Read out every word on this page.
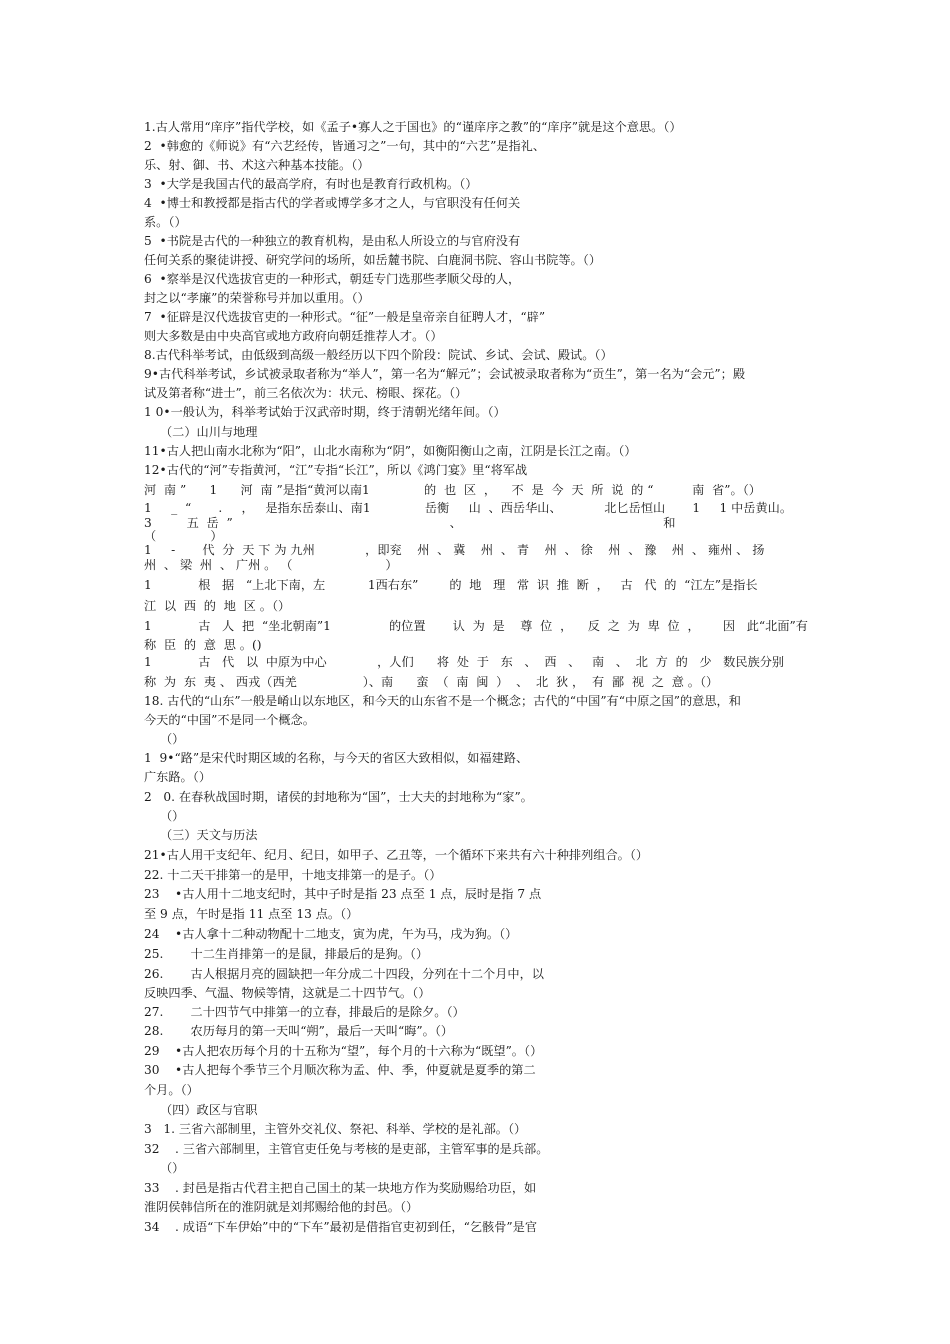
1.古人常用“庠序”指代学校，如《孟子•寡人之于国也》的“谨庠序之教”的“庠序”就是这个意思。（）
2  •韩愈的《师说》有“六艺经传，皆通习之”一句，其中的“六艺”是指礼、
乐、射、御、书、术这六种基本技能。（）
3  •大学是我国古代的最高学府，有时也是教育行政机构。（）
4  •博士和教授都是指古代的学者或博学多才之人，与官职没有任何关
系。（）
5  •书院是古代的一种独立的教育机构，是由私人所设立的与官府没有
任何关系的聚徒讲授、研究学问的场所，如岳麓书院、白鹿洞书院、容山书院等。（）
6  •察举是汉代选拔官吏的一种形式，朝廷专门选那些孝顺父母的人，
封之以“孝廉”的荣誉称号并加以重用。（）
7  •征辟是汉代选拔官吏的一种形式。“征”一般是皇帝亲自征聘人才，“辟”
则大多数是由中央高官或地方政府向朝廷推荐人才。（）
8.古代科举考试，由低级到高级一般经历以下四个阶段：院试、乡试、会试、殿试。（）
9•古代科举考试，乡试被录取者称为“举人”，第一名为“解元”；会试被录取者称为“贡生”，第一名为“会元”；殿
试及第者称“进士”，前三名依次为：状元、榜眼、探花。（）
1 0•一般认为，科举考试始于汉武帝时期，终于清朝光绪年间。（）
（二）山川与地理
11•古人把山南水北称为“阳”，山北水南称为“阴”，如衡阳衡山之南，江阴是长江之南。（）
12•古代的“河”专指黄河，“江”专指“长江”，所以《鸿门宴》里“将军战
河  南 ”      1      河  南 ”是指“黄河以南1              的  也  区  ，    不  是  今  天  所  说  的 “          南  省”。（）
1     _  “       .     ，   是指东岳泰山、南1              岳衡     山  、西岳华山、           北匕岳恒山       1     1 中岳黄山。
3         五  岳  ”                                                        、                                                    和
（              ）
1     -       代  分  天 下 为 九州             ，即兖    州  、 冀    州  、 青    州  、 徐    州  、 豫    州  、 雍州 、 扬
州  、 梁  州  、 广州 。 （                        ）
1            根   据   “上北下南，左           1西右东”        的  地   理   常  识  推  断  ，   古   代  的  “江左”是指长
江  以  西  的  地  区 。（）
1            古   人  把  “坐北朝南”1               的位置       认  为  是    尊  位  ，    反  之  为  卑  位  ，      因   此“北面”有
称  臣  的  意  思 。()
1            古   代   以  中原为中心             ，人们      将  处  于   东   、  西   、   南   、  北  方  的   少   数民族分别
称  为  东  夷 、 西戎（西羌                 ）、南      蛮  （  南  闽  ）  、  北  狄 ，  有  鄙  视  之  意 。（）
18. 古代的“山东”一般是崤山以东地区，和今天的山东省不是一个概念；古代的“中国”有“中原之国”的意思，和
今天的“中国”不是同一个概念。
（）
1  9•“路”是宋代时期区域的名称，与今天的省区大致相似，如福建路、
广东路。（）
2   0. 在春秋战国时期，诸侯的封地称为“国”，士大夫的封地称为“家”。
（）
（三）天文与历法
21•古人用干支纪年、纪月、纪日，如甲子、乙丑等，一个循环下来共有六十种排列组合。（）
22. 十二天干排第一的是甲，十地支排第一的是子。（）
23    •古人用十二地支纪时，其中子时是指 23 点至 1 点，辰时是指 7 点
至 9 点，午时是指 11 点至 13 点。（）
24    •古人拿十二种动物配十二地支，寅为虎，午为马，戌为狗。（）
25.       十二生肖排第一的是鼠，排最后的是狗。（）
26.       古人根据月亮的圆缺把一年分成二十四段，分列在十二个月中，以
反映四季、气温、物候等情，这就是二十四节气。（）
27.       二十四节气中排第一的立春，排最后的是除夕。（）
28.       农历每月的第一天叫“朔”，最后一天叫“晦”。（）
29    •古人把农历每个月的十五称为“望”，每个月的十六称为“既望”。（）
30    •古人把每个季节三个月顺次称为孟、仲、季，仲夏就是夏季的第二
个月。（）
（四）政区与官职
3   1. 三省六部制里，主管外交礼仪、祭祀、科举、学校的是礼部。（）
32    . 三省六部制里，主管官吏任免与考核的是吏部，主管军事的是兵部。
（）
33    . 封邑是指古代君主把自己国土的某一块地方作为奖励赐给功臣，如
淮阴侯韩信所在的淮阴就是刘邦赐给他的封邑。（）
34    . 成语“下车伊始”中的“下车”最初是借指官吏初到任，“乞骸骨”是官
